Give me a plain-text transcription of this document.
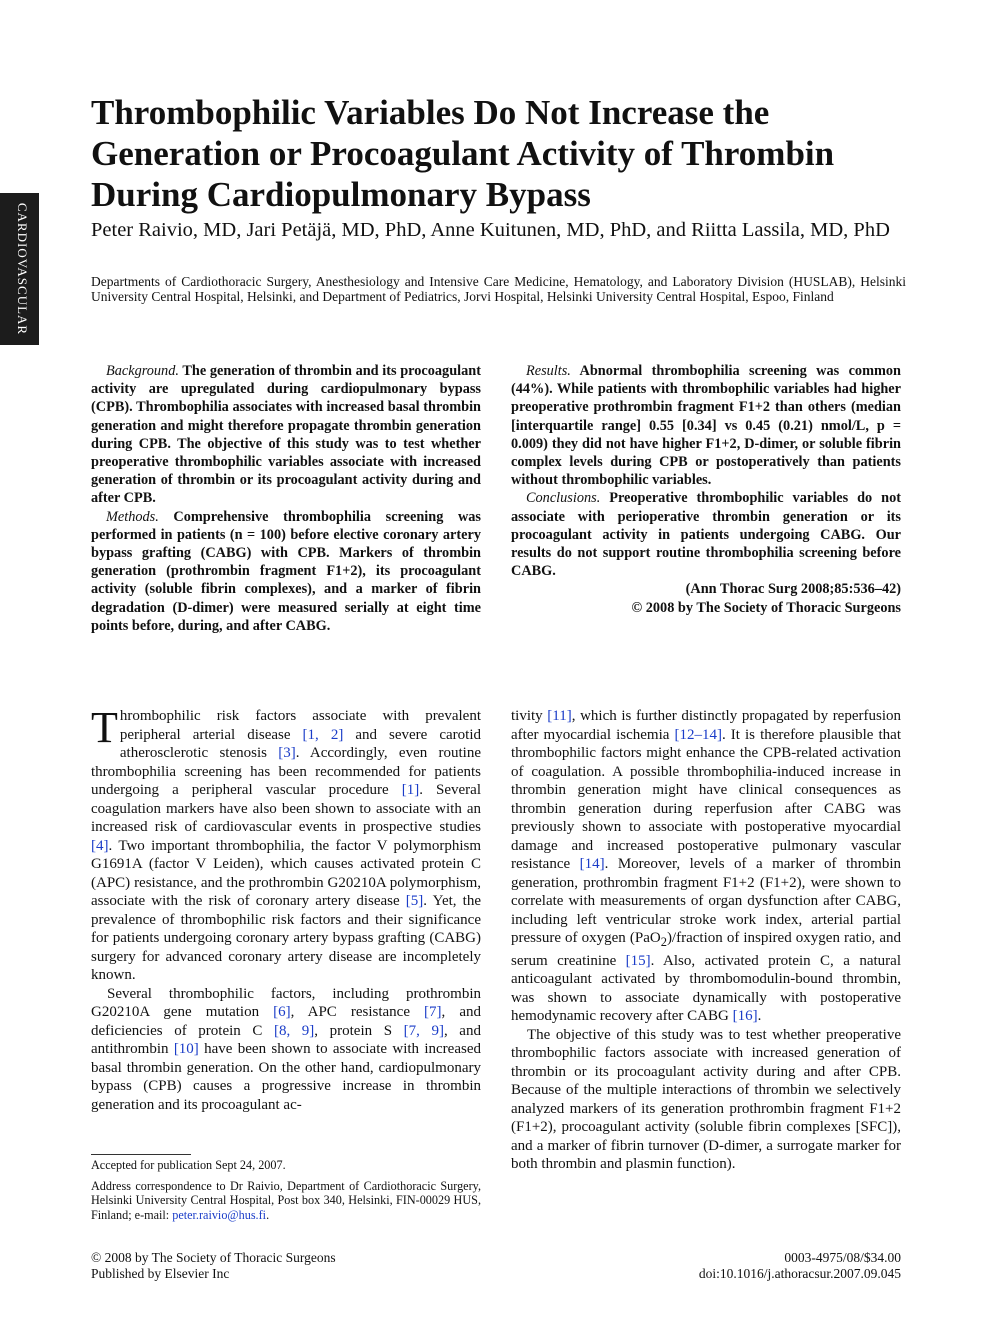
CARDIOVASCULAR
Thrombophilic Variables Do Not Increase the Generation or Procoagulant Activity of Thrombin During Cardiopulmonary Bypass
Peter Raivio, MD, Jari Petäjä, MD, PhD, Anne Kuitunen, MD, PhD, and Riitta Lassila, MD, PhD
Departments of Cardiothoracic Surgery, Anesthesiology and Intensive Care Medicine, Hematology, and Laboratory Division (HUSLAB), Helsinki University Central Hospital, Helsinki, and Department of Pediatrics, Jorvi Hospital, Helsinki University Central Hospital, Espoo, Finland

Background. The generation of thrombin and its procoagulant activity are upregulated during cardiopulmonary bypass (CPB). Thrombophilia associates with increased basal thrombin generation and might therefore propagate thrombin generation during CPB. The objective of this study was to test whether preoperative thrombophilic variables associate with increased generation of thrombin or its procoagulant activity during and after CPB.

Methods. Comprehensive thrombophilia screening was performed in patients (n = 100) before elective coronary artery bypass grafting (CABG) with CPB. Markers of thrombin generation (prothrombin fragment F1+2), its procoagulant activity (soluble fibrin complexes), and a marker of fibrin degradation (D-dimer) were measured serially at eight time points before, during, and after CABG.

Results. Abnormal thrombophilia screening was common (44%). While patients with thrombophilic variables had higher preoperative prothrombin fragment F1+2 than others (median [interquartile range] 0.55 [0.34] vs 0.45 (0.21) nmol/L, p = 0.009) they did not have higher F1+2, D-dimer, or soluble fibrin complex levels during CPB or postoperatively than patients without thrombophilic variables.

Conclusions. Preoperative thrombophilic variables do not associate with perioperative thrombin generation or its procoagulant activity in patients undergoing CABG. Our results do not support routine thrombophilia screening before CABG.

(Ann Thorac Surg 2008;85:536–42)

© 2008 by The Society of Thoracic Surgeons

Thrombophilic risk factors associate with prevalent peripheral arterial disease [1, 2] and severe carotid atherosclerotic stenosis [3]. Accordingly, even routine thrombophilia screening has been recommended for patients undergoing a peripheral vascular procedure [1]. Several coagulation markers have also been shown to associate with an increased risk of cardiovascular events in prospective studies [4]. Two important thrombophilia, the factor V polymorphism G1691A (factor V Leiden), which causes activated protein C (APC) resistance, and the prothrombin G20210A polymorphism, associate with the risk of coronary artery disease [5]. Yet, the prevalence of thrombophilic risk factors and their significance for patients undergoing coronary artery bypass grafting (CABG) surgery for advanced coronary artery disease are incompletely known.

Several thrombophilic factors, including prothrombin G20210A gene mutation [6], APC resistance [7], and deficiencies of protein C [8, 9], protein S [7, 9], and antithrombin [10] have been shown to associate with increased basal thrombin generation. On the other hand, cardiopulmonary bypass (CPB) causes a progressive increase in thrombin generation and its procoagulant ac-

tivity [11], which is further distinctly propagated by reperfusion after myocardial ischemia [12–14]. It is therefore plausible that thrombophilic factors might enhance the CPB-related activation of coagulation. A possible thrombophilia-induced increase in thrombin generation might have clinical consequences as thrombin generation during reperfusion after CABG was previously shown to associate with postoperative myocardial damage and increased postoperative pulmonary vascular resistance [14]. Moreover, levels of a marker of thrombin generation, prothrombin fragment F1+2 (F1+2), were shown to correlate with measurements of organ dysfunction after CABG, including left ventricular stroke work index, arterial partial pressure of oxygen (PaO$_2$)/fraction of inspired oxygen ratio, and serum creatinine [15]. Also, activated protein C, a natural anticoagulant activated by thrombomodulin-bound thrombin, was shown to associate dynamically with postoperative hemodynamic recovery after CABG [16].

The objective of this study was to test whether preoperative thrombophilic factors associate with increased generation of thrombin or its procoagulant activity during and after CPB. Because of the multiple interactions of thrombin we selectively analyzed markers of its generation prothrombin fragment F1+2 (F1+2), procoagulant activity (soluble fibrin complexes [SFC]), and a marker of fibrin turnover (D-dimer, a surrogate marker for both thrombin and plasmin function).

Accepted for publication Sept 24, 2007.

Address correspondence to Dr Raivio, Department of Cardiothoracic Surgery, Helsinki University Central Hospital, Post box 340, Helsinki, FIN-00029 HUS, Finland; e-mail: peter.raivio@hus.fi.

© 2008 by The Society of Thoracic Surgeons
Published by Elsevier Inc
0003-4975/08/$34.00
doi:10.1016/j.athoracsur.2007.09.045
